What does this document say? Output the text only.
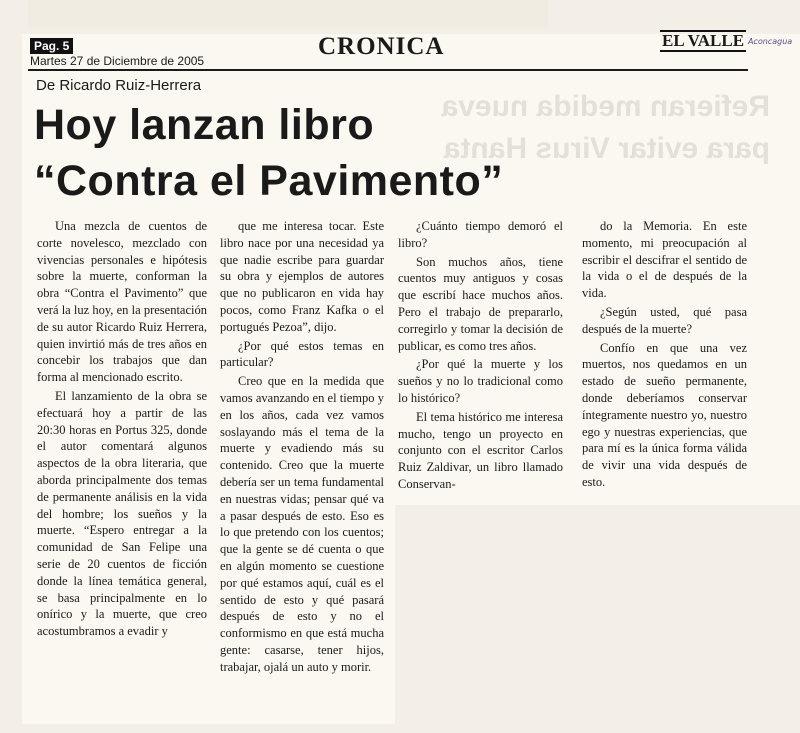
Refieran medida nueva
para evitar Virus Hanta
Pag. 5
Martes 27 de Diciembre de 2005
CRONICA	EL VALLE Aconcagua
De Ricardo Ruiz-Herrera
Hoy lanzan libro
“Contra el Pavimento”

Una mezcla de cuentos de corte novelesco, mezclado con vivencias personales e hipótesis sobre la muerte, conforman la obra “Contra el Pavimento” que verá la luz hoy, en la presentación de su autor Ricardo Ruiz Herrera, quien invirtió más de tres años en concebir los trabajos que dan forma al mencionado escrito.

El lanzamiento de la obra se efectuará hoy a partir de las 20:30 horas en Portus 325, donde el autor comentará algunos aspectos de la obra literaria, que aborda principalmente dos temas de permanente análisis en la vida del hombre; los sueños y la muerte. “Espero entregar a la comunidad de San Felipe una serie de 20 cuentos de ficción donde la línea temática general, se basa principalmente en lo onírico y la muerte, que creo acostumbramos a evadir y

que me interesa tocar. Este libro nace por una necesidad ya que nadie escribe para guardar su obra y ejemplos de autores que no publicaron en vida hay pocos, como Franz Kafka o el portugués Pezoa”, dijo.

¿Por qué estos temas en particular?

Creo que en la medida que vamos avanzando en el tiempo y en los años, cada vez vamos soslayando más el tema de la muerte y evadiendo más su contenido. Creo que la muerte debería ser un tema fundamental en nuestras vidas; pensar qué va a pasar después de esto. Eso es lo que pretendo con los cuentos; que la gente se dé cuenta o que en algún momento se cuestione por qué estamos aquí, cuál es el sentido de esto y qué pasará después de esto y no el conformismo en que está mucha gente: casarse, tener hijos, trabajar, ojalá un auto y morir.

¿Cuánto tiempo demoró el libro?

Son muchos años, tiene cuentos muy antiguos y cosas que escribí hace muchos años. Pero el trabajo de prepararlo, corregirlo y tomar la decisión de publicar, es como tres años.

¿Por qué la muerte y los sueños y no lo tradicional como lo histórico?

El tema histórico me interesa mucho, tengo un proyecto en conjunto con el escritor Carlos Ruiz Zaldivar, un libro llamado Conservan-

do la Memoria. En este momento, mi preocupación al escribir el descifrar el sentido de la vida o el de después de la vida.

¿Según usted, qué pasa después de la muerte?

Confío en que una vez muertos, nos quedamos en un estado de sueño permanente, donde deberíamos conservar íntegramente nuestro yo, nuestro ego y nuestras experiencias, que para mí es la única forma válida de vivir una vida después de esto.
